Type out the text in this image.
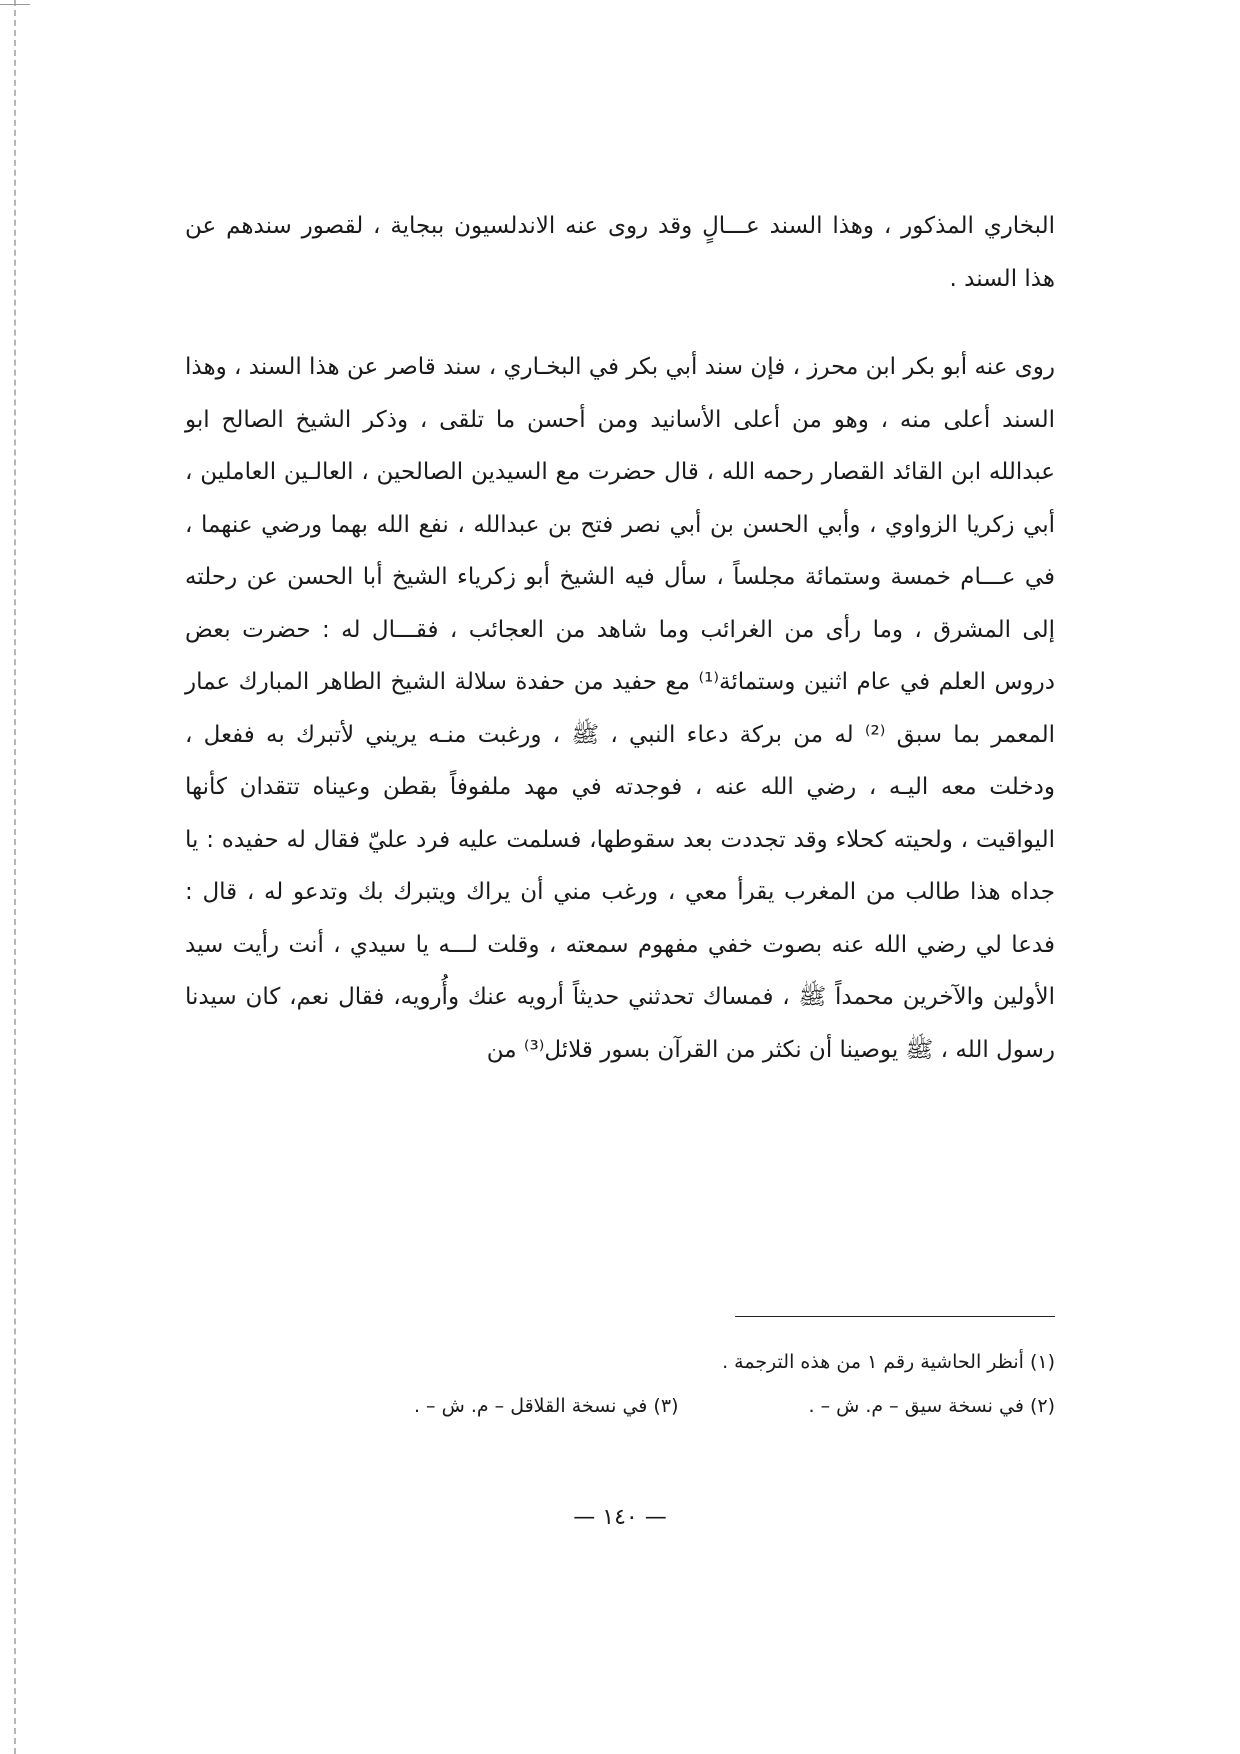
البخاري المذكور ، وهذا السند عـــالٍ وقد روى عنه الاندلسيون ببجاية ، لقصور سندهم عن هذا السند .

روى عنه أبو بكر ابن محرز ، فإن سند أبي بكر في البخـاري ، سند قاصر عن هذا السند ، وهذا السند أعلى منه ، وهو من أعلى الأسانيد ومن أحسن ما تلقى ، وذكر الشيخ الصالح ابو عبدالله ابن القائد القصار رحمه الله ، قال حضرت مع السيدين الصالحين ، العالـين العاملين ، أبي زكريا الزواوي ، وأبي الحسن بن أبي نصر فتح بن عبدالله ، نفع الله بهما ورضي عنهما ، في عـــام خمسة وستمائة مجلساً ، سأل فيه الشيخ أبو زكرياء الشيخ أبا الحسن عن رحلته إلى المشرق ، وما رأى من الغرائب وما شاهد من العجائب ، فقـــال له : حضرت بعض دروس العلم في عام اثنين وستمائة⁽¹⁾ مع حفيد من حفدة سلالة الشيخ الطاهر المبارك عمار المعمر بما سبق ⁽²⁾ له من بركة دعاء النبي ، ﷺ ، ورغبت منـه يريني لأتبرك به ففعل ، ودخلت معه اليـه ، رضي الله عنه ، فوجدته في مهد ملفوفاً بقطن وعيناه تتقدان كأنها اليواقيت ، ولحيته كحلاء وقد تجددت بعد سقوطها، فسلمت عليه فرد عليّ فقال له حفيده : يا جداه هذا طالب من المغرب يقرأ معي ، ورغب مني أن يراك ويتبرك بك وتدعو له ، قال : فدعا لي رضي الله عنه بصوت خفي مفهوم سمعته ، وقلت لـــه يا سيدي ، أنت رأيت سيد الأولين والآخرين محمداً ﷺ ، فمساك تحدثني حديثاً أرويه عنك وأُرويه، فقال نعم، كان سيدنا رسول الله ، ﷺ يوصينا أن نكثر من القرآن بسور قلائل⁽³⁾ من

(١) أنظر الحاشية رقم ١ من هذه الترجمة .
(٢) في نسخة سيق – م. ش – .
(٣) في نسخة القلاقل – م. ش – .
— ١٤٠ —
